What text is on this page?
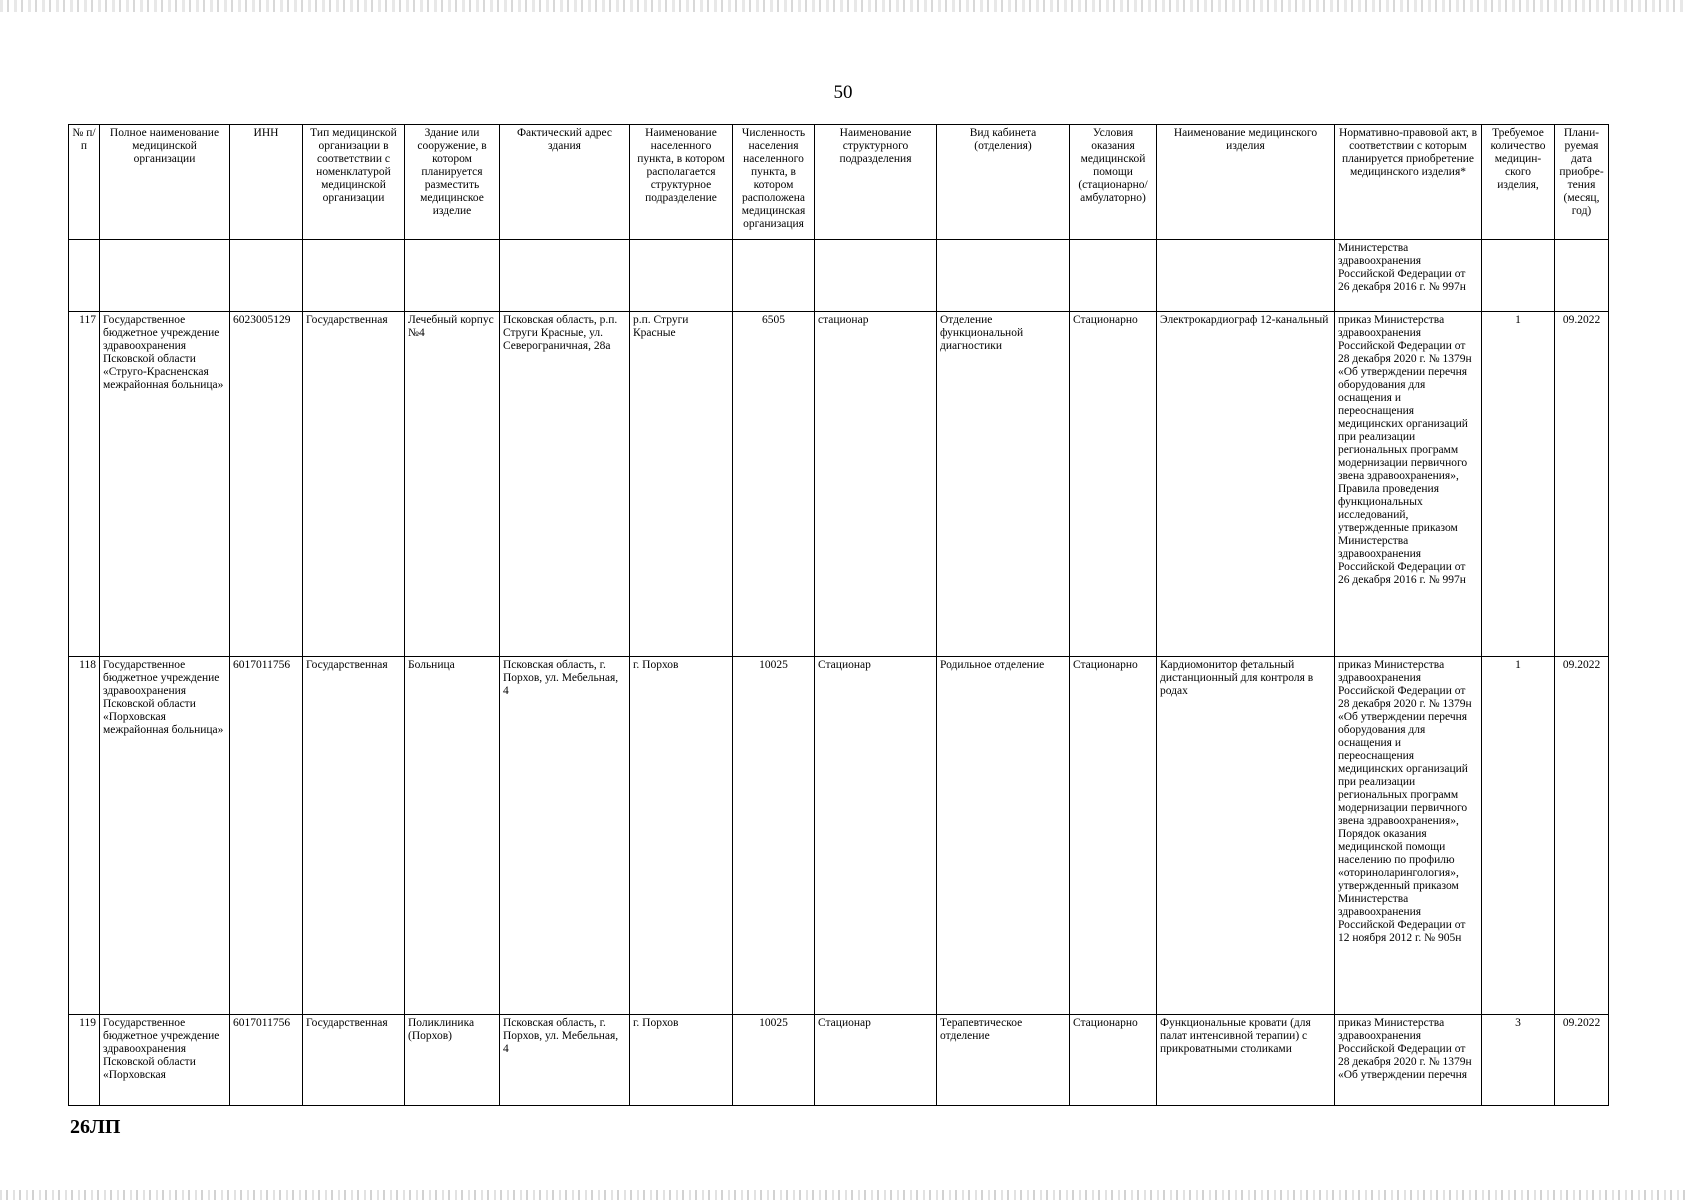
50
№ п/п	Полное наименование медицинской организации	ИНН	Тип медицинской организации в соответствии с номенклатурой медицинской организации	Здание или сооружение, в котором планируется разместить медицинское изделие	Фактический адрес здания	Наименование населенного пункта, в котором располагается структурное подразделение	Численность населения населенного пункта, в котором расположена медицинская организация	Наименование структурного подразделения	Вид кабинета (отделения)	Условия оказания медицинской помощи (стационарно/ амбулаторно)	Наименование медицинского изделия	Нормативно-правовой акт, в соответствии с которым планируется приобретение медицинского изделия*	Требуемое количество медицин-ского изделия,	Плани-руемая дата приобре-тения (месяц, год)
												Министерства здравоохранения Российской Федерации от 26 декабря 2016 г. № 997н		
117	Государственное бюджетное учреждение здравоохранения Псковской области «Струго-Красненская межрайонная больница»	6023005129	Государственная	Лечебный корпус №4	Псковская область, р.п. Струги Красные, ул. Северограничная, 28а	р.п. Струги Красные	6505	стационар	Отделение функциональной диагностики	Стационарно	Электрокардиограф 12-канальный	приказ Министерства здравоохранения Российской Федерации от 28 декабря 2020 г. № 1379н «Об утверждении перечня оборудования для оснащения и переоснащения медицинских организаций при реализации региональных программ модернизации первичного звена здравоохранения», Правила проведения функциональных исследований, утвержденные приказом Министерства здравоохранения Российской Федерации от 26 декабря 2016 г. № 997н	1	09.2022
118	Государственное бюджетное учреждение здравоохранения Псковской области «Порховская межрайонная больница»	6017011756	Государственная	Больница	Псковская область, г. Порхов, ул. Мебельная, 4	г. Порхов	10025	Стационар	Родильное отделение	Стационарно	Кардиомонитор фетальный дистанционный для контроля в родах	приказ Министерства здравоохранения Российской Федерации от 28 декабря 2020 г. № 1379н «Об утверждении перечня оборудования для оснащения и переоснащения медицинских организаций при реализации региональных программ модернизации первичного звена здравоохранения», Порядок оказания медицинской помощи населению по профилю «оториноларингология», утвержденный приказом Министерства здравоохранения Российской Федерации от 12 ноября 2012 г. № 905н	1	09.2022
119	Государственное бюджетное учреждение здравоохранения Псковской области «Порховская	6017011756	Государственная	Поликлиника (Порхов)	Псковская область, г. Порхов, ул. Мебельная, 4	г. Порхов	10025	Стационар	Терапевтическое отделение	Стационарно	Функциональные кровати (для палат интенсивной терапии) с прикроватными столиками	приказ Министерства здравоохранения Российской Федерации от 28 декабря 2020 г. № 1379н «Об утверждении перечня	3	09.2022
26ЛП
